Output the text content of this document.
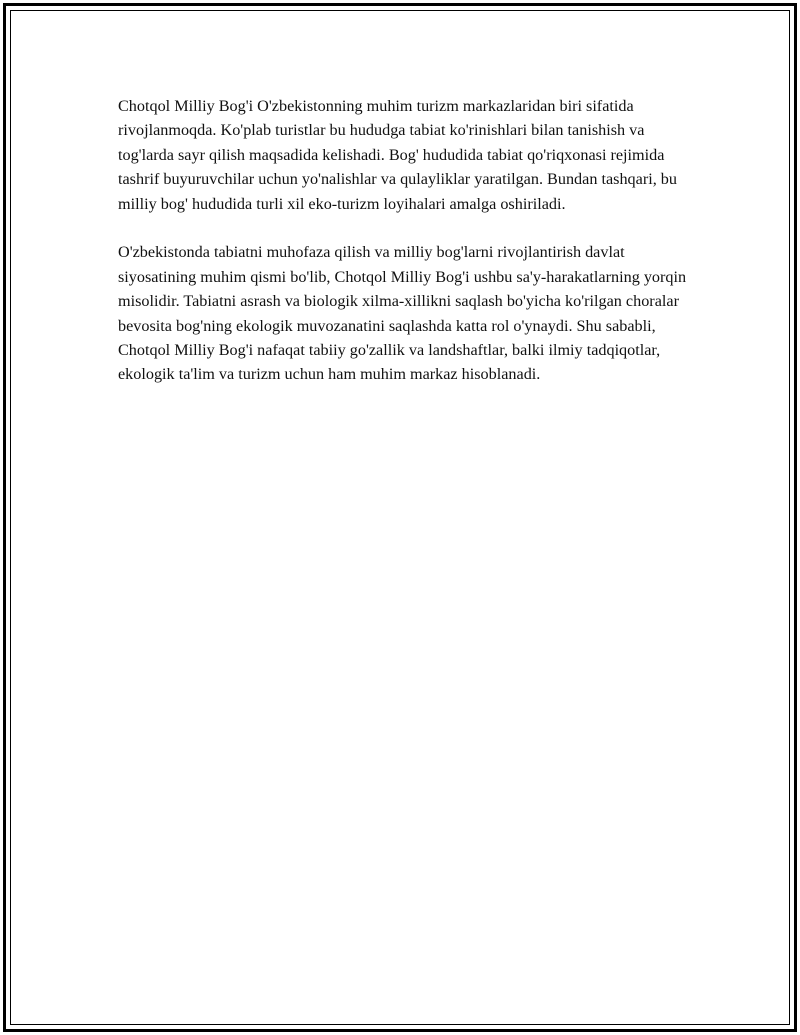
Chotqol Milliy Bog'i O'zbekistonning muhim turizm markazlaridan biri sifatida rivojlanmoqda. Ko'plab turistlar bu hududga tabiat ko'rinishlari bilan tanishish va tog'larda sayr qilish maqsadida kelishadi. Bog' hududida tabiat qo'riqxonasi rejimida tashrif buyuruvchilar uchun yo'nalishlar va qulayliklar yaratilgan. Bundan tashqari, bu milliy bog' hududida turli xil eko-turizm loyihalari amalga oshiriladi.

O'zbekistonda tabiatni muhofaza qilish va milliy bog'larni rivojlantirish davlat siyosatining muhim qismi bo'lib, Chotqol Milliy Bog'i ushbu sa'y-harakatlarning yorqin misolidir. Tabiatni asrash va biologik xilma-xillikni saqlash bo'yicha ko'rilgan choralar bevosita bog'ning ekologik muvozanatini saqlashda katta rol o'ynaydi. Shu sababli, Chotqol Milliy Bog'i nafaqat tabiiy go'zallik va landshaftlar, balki ilmiy tadqiqotlar, ekologik ta'lim va turizm uchun ham muhim markaz hisoblanadi.
